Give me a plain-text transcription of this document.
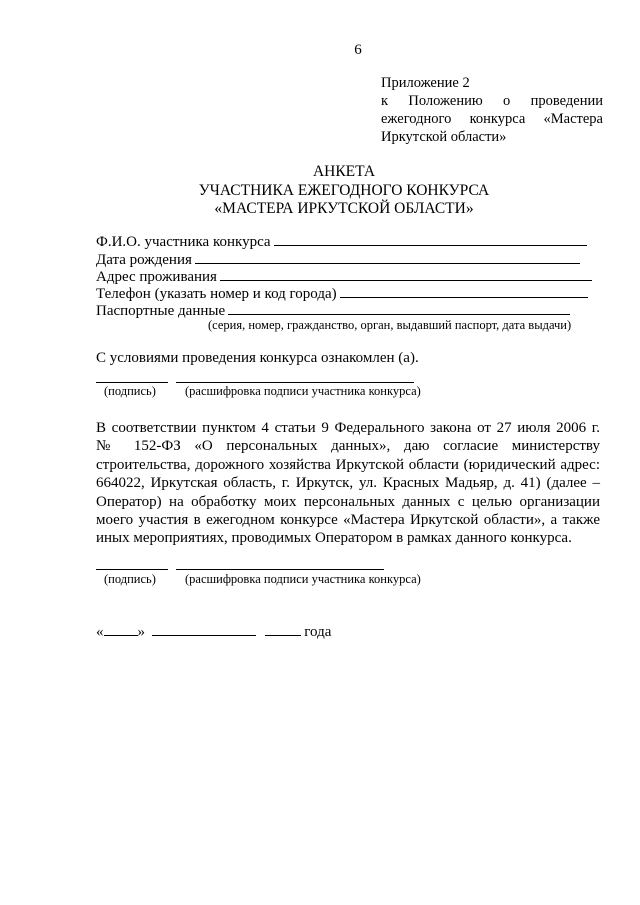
6
Приложение 2
к Положению о проведении
ежегодного конкурса «Мастера
Иркутской области»
АНКЕТА
УЧАСТНИКА ЕЖЕГОДНОГО КОНКУРСА
«МАСТЕРА ИРКУТСКОЙ ОБЛАСТИ»
Ф.И.О. участника конкурса
Дата рождения
Адрес проживания
Телефон (указать номер и код города)
Паспортные данные
(серия, номер, гражданство, орган, выдавший паспорт, дата выдачи)
С условиями проведения конкурса ознакомлен (а).
(подпись) (расшифровка подписи участника конкурса)
В соответствии пунктом 4 статьи 9 Федерального закона от 27 июля 2006 г.
№ 152-ФЗ «О персональных данных», даю согласие министерству
строительства, дорожного хозяйства Иркутской области (юридический адрес:
664022, Иркутская область, г. Иркутск, ул. Красных Мадьяр, д. 41) (далее –
Оператор) на обработку моих персональных данных с целью организации
моего участия в ежегодном конкурсе «Мастера Иркутской области», а также
иных мероприятиях, проводимых Оператором в рамках данного конкурса.
(подпись) (расшифровка подписи участника конкурса)
« »	года
